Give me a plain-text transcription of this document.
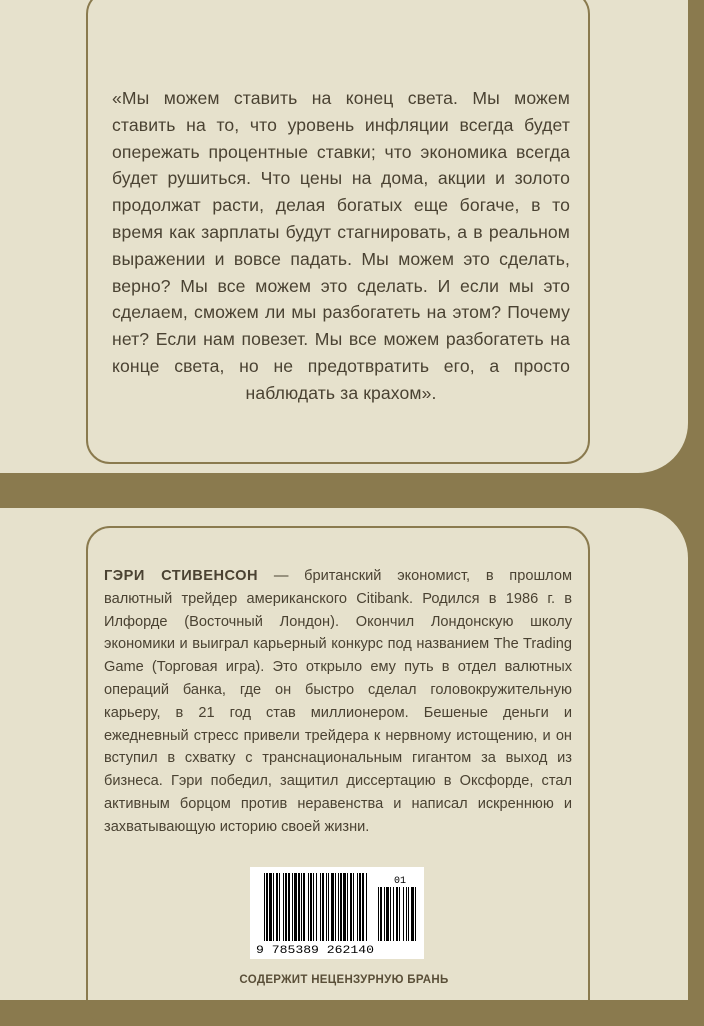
«Мы можем ставить на конец света. Мы можем ставить на то, что уровень инфляции всегда будет опережать процентные ставки; что экономика всегда будет рушиться. Что цены на дома, акции и золото продолжат расти, делая богатых еще богаче, в то время как зарплаты будут стагнировать, а в реальном выражении и вовсе падать. Мы можем это сделать, верно? Мы все можем это сделать. И если мы это сделаем, сможем ли мы разбогатеть на этом? Почему нет? Если нам повезет. Мы все можем разбогатеть на конце света, но не предотвратить его, а просто наблюдать за крахом».

ГЭРИ СТИВЕНСОН — британский экономист, в прошлом валютный трейдер американского Citibank. Родился в 1986 г. в Илфорде (Восточный Лондон). Окончил Лондонскую школу экономики и выиграл карьерный конкурс под названием The Trading Game (Торговая игра). Это открыло ему путь в отдел валютных операций банка, где он быстро сделал головокружительную карьеру, в 21 год став миллионером. Бешеные деньги и ежедневный стресс привели трейдера к нервному истощению, и он вступил в схватку с транснациональным гигантом за выход из бизнеса. Гэри победил, защитил диссертацию в Оксфорде, стал активным борцом против неравенства и написал искреннюю и захватывающую историю своей жизни.

01
9 785389 262140
СОДЕРЖИТ НЕЦЕНЗУРНУЮ БРАНЬ
